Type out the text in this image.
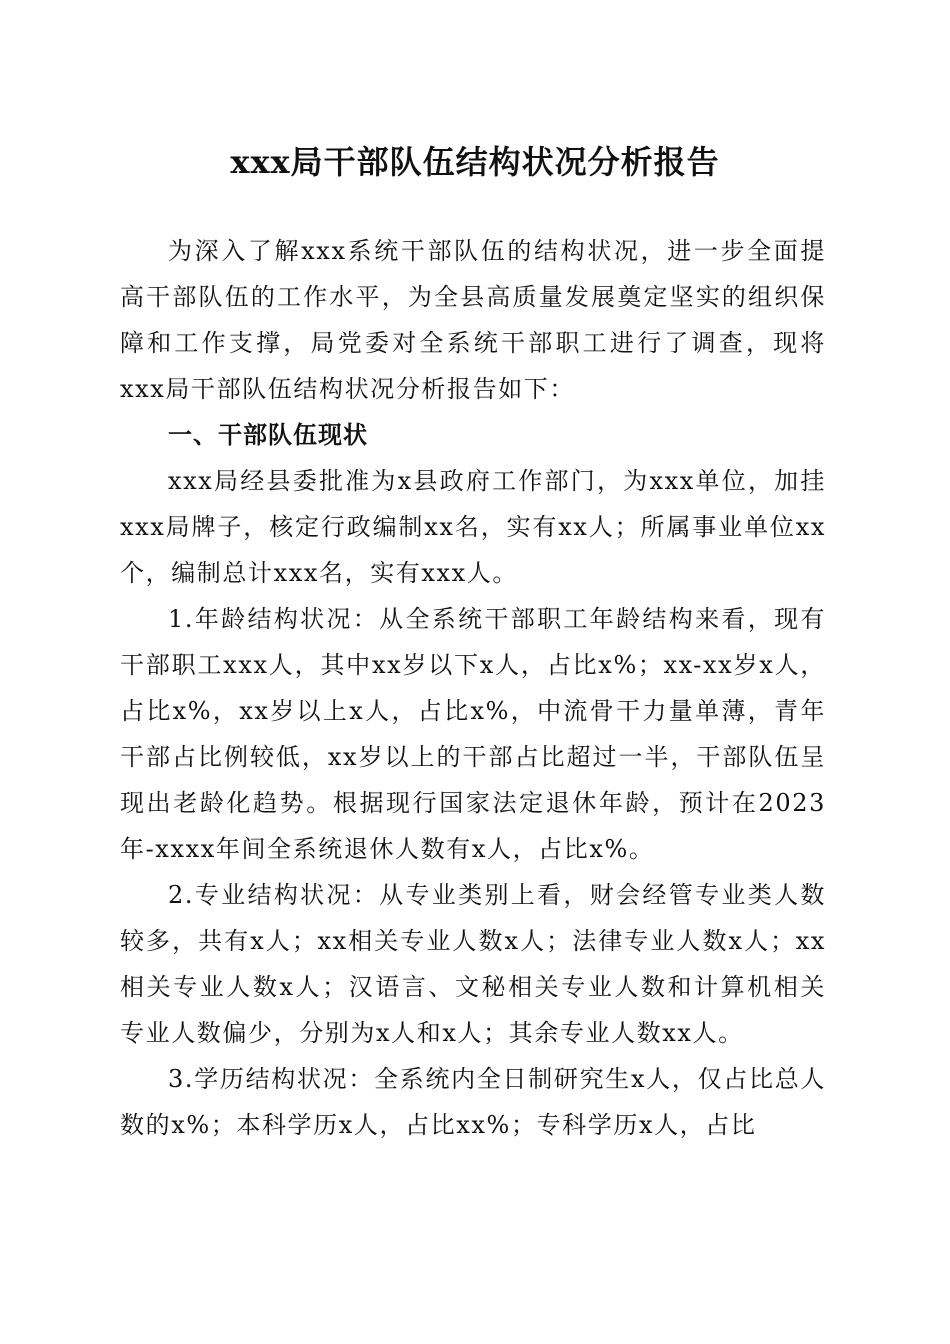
xxx局干部队伍结构状况分析报告

为深入了解xxx系统干部队伍的结构状况，进一步全面提高干部队伍的工作水平，为全县高质量发展奠定坚实的组织保障和工作支撑，局党委对全系统干部职工进行了调查，现将xxx局干部队伍结构状况分析报告如下：

一、干部队伍现状

xxx局经县委批准为x县政府工作部门，为xxx单位，加挂xxx局牌子，核定行政编制xx名，实有xx人；所属事业单位xx个，编制总计xxx名，实有xxx人。

1.年龄结构状况：从全系统干部职工年龄结构来看，现有干部职工xxx人，其中xx岁以下x人，占比x%；xx-xx岁x人，占比x%，xx岁以上x人，占比x%，中流骨干力量单薄，青年干部占比例较低，xx岁以上的干部占比超过一半，干部队伍呈现出老龄化趋势。根据现行国家法定退休年龄，预计在2023年-xxxx年间全系统退休人数有x人，占比x%。

2.专业结构状况：从专业类别上看，财会经管专业类人数较多，共有x人；xx相关专业人数x人；法律专业人数x人；xx相关专业人数x人；汉语言、文秘相关专业人数和计算机相关专业人数偏少，分别为x人和x人；其余专业人数xx人。

3.学历结构状况：全系统内全日制研究生x人，仅占比总人数的x%；本科学历x人，占比xx%；专科学历x人，占比
